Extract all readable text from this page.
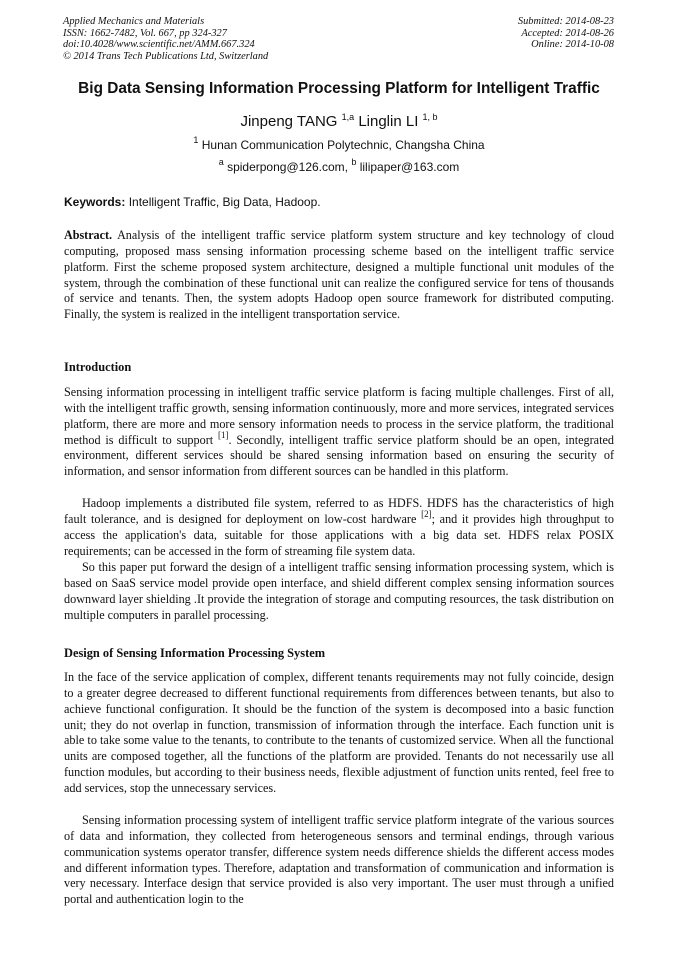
Applied Mechanics and Materials
ISSN: 1662-7482, Vol. 667, pp 324-327
doi:10.4028/www.scientific.net/AMM.667.324
© 2014 Trans Tech Publications Ltd, Switzerland
Submitted: 2014-08-23
Accepted: 2014-08-26
Online: 2014-10-08
Big Data Sensing Information Processing Platform for Intelligent Traffic
Jinpeng TANG $^{1,a}$ Linglin LI $^{1, b}$
$^1$ Hunan Communication Polytechnic, Changsha China
$^a$ spiderpong@126.com, $^b$ lilipaper@163.com
Keywords: Intelligent Traffic, Big Data, Hadoop.
Abstract. Analysis of the intelligent traffic service platform system structure and key technology of cloud computing, proposed mass sensing information processing scheme based on the intelligent traffic service platform. First the scheme proposed system architecture, designed a multiple functional unit modules of the system, through the combination of these functional unit can realize the configured service for tens of thousands of service and tenants. Then, the system adopts Hadoop open source framework for distributed computing. Finally, the system is realized in the intelligent transportation service.
Introduction
Sensing information processing in intelligent traffic service platform is facing multiple challenges. First of all, with the intelligent traffic growth, sensing information continuously, more and more services, integrated services platform, there are more and more sensory information needs to process in the service platform, the traditional method is difficult to support [1]. Secondly, intelligent traffic service platform should be an open, integrated environment, different services should be shared sensing information based on ensuring the security of information, and sensor information from different sources can be handled in this platform.
Hadoop implements a distributed file system, referred to as HDFS. HDFS has the characteristics of high fault tolerance, and is designed for deployment on low-cost hardware [2]; and it provides high throughput to access the application's data, suitable for those applications with a big data set. HDFS relax POSIX requirements; can be accessed in the form of streaming file system data.
So this paper put forward the design of a intelligent traffic sensing information processing system, which is based on SaaS service model provide open interface, and shield different complex sensing information sources downward layer shielding .It provide the integration of storage and computing resources, the task distribution on multiple computers in parallel processing.
Design of Sensing Information Processing System
In the face of the service application of complex, different tenants requirements may not fully coincide, design to a greater degree decreased to different functional requirements from differences between tenants, but also to achieve functional configuration. It should be the function of the system is decomposed into a basic function unit; they do not overlap in function, transmission of information through the interface. Each function unit is able to take some value to the tenants, to contribute to the tenants of customized service. When all the functional units are composed together, all the functions of the platform are provided. Tenants do not necessarily use all function modules, but according to their business needs, flexible adjustment of function units rented, feel free to add services, stop the unnecessary services.
Sensing information processing system of intelligent traffic service platform integrate of the various sources of data and information, they collected from heterogeneous sensors and terminal endings, through various communication systems operator transfer, difference system needs difference shields the different access modes and different information types. Therefore, adaptation and transformation of communication and information is very necessary. Interface design that service provided is also very important. The user must through a unified portal and authentication login to the
